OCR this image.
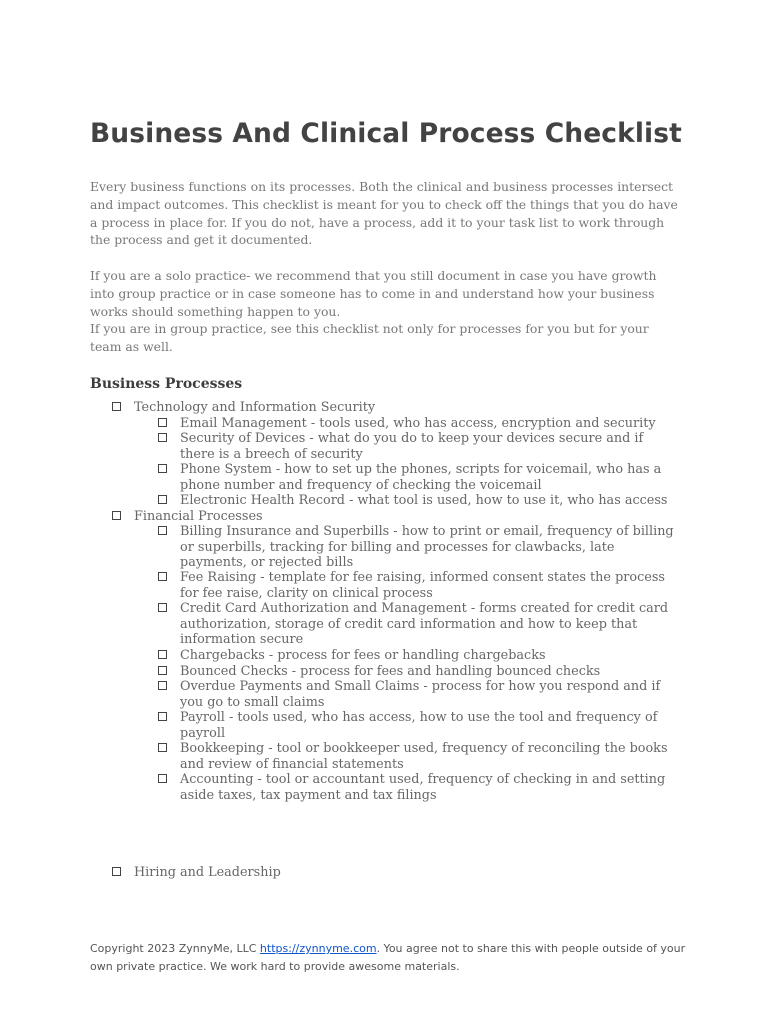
Business And Clinical Process Checklist

Every business functions on its processes. Both the clinical and business processes intersect and impact outcomes. This checklist is meant for you to check off the things that you do have a process in place for. If you do not, have a process, add it to your task list to work through the process and get it documented.

If you are a solo practice- we recommend that you still document in case you have growth into group practice or in case someone has to come in and understand how your business works should something happen to you.

If you are in group practice, see this checklist not only for processes for you but for your team as well.

Business Processes
Technology and Information Security
Email Management - tools used, who has access, encryption and security
Security of Devices - what do you do to keep your devices secure and if there is a breech of security
Phone System - how to set up the phones, scripts for voicemail, who has a phone number and frequency of checking the voicemail
Electronic Health Record - what tool is used, how to use it, who has access
Financial Processes
Billing Insurance and Superbills - how to print or email, frequency of billing or superbills, tracking for billing and processes for clawbacks, late payments, or rejected bills
Fee Raising - template for fee raising, informed consent states the process for fee raise, clarity on clinical process
Credit Card Authorization and Management - forms created for credit card authorization, storage of credit card information and how to keep that information secure
Chargebacks - process for fees or handling chargebacks
Bounced Checks - process for fees and handling bounced checks
Overdue Payments and Small Claims - process for how you respond and if you go to small claims
Payroll - tools used, who has access, how to use the tool and frequency of payroll
Bookkeeping - tool or bookkeeper used, frequency of reconciling the books and review of financial statements
Accounting - tool or accountant used, frequency of checking in and setting aside taxes, tax payment and tax filings
Hiring and Leadership

Copyright 2023 ZynnyMe, LLC https://zynnyme.com. You agree not to share this with people outside of your own private practice. We work hard to provide awesome materials.
